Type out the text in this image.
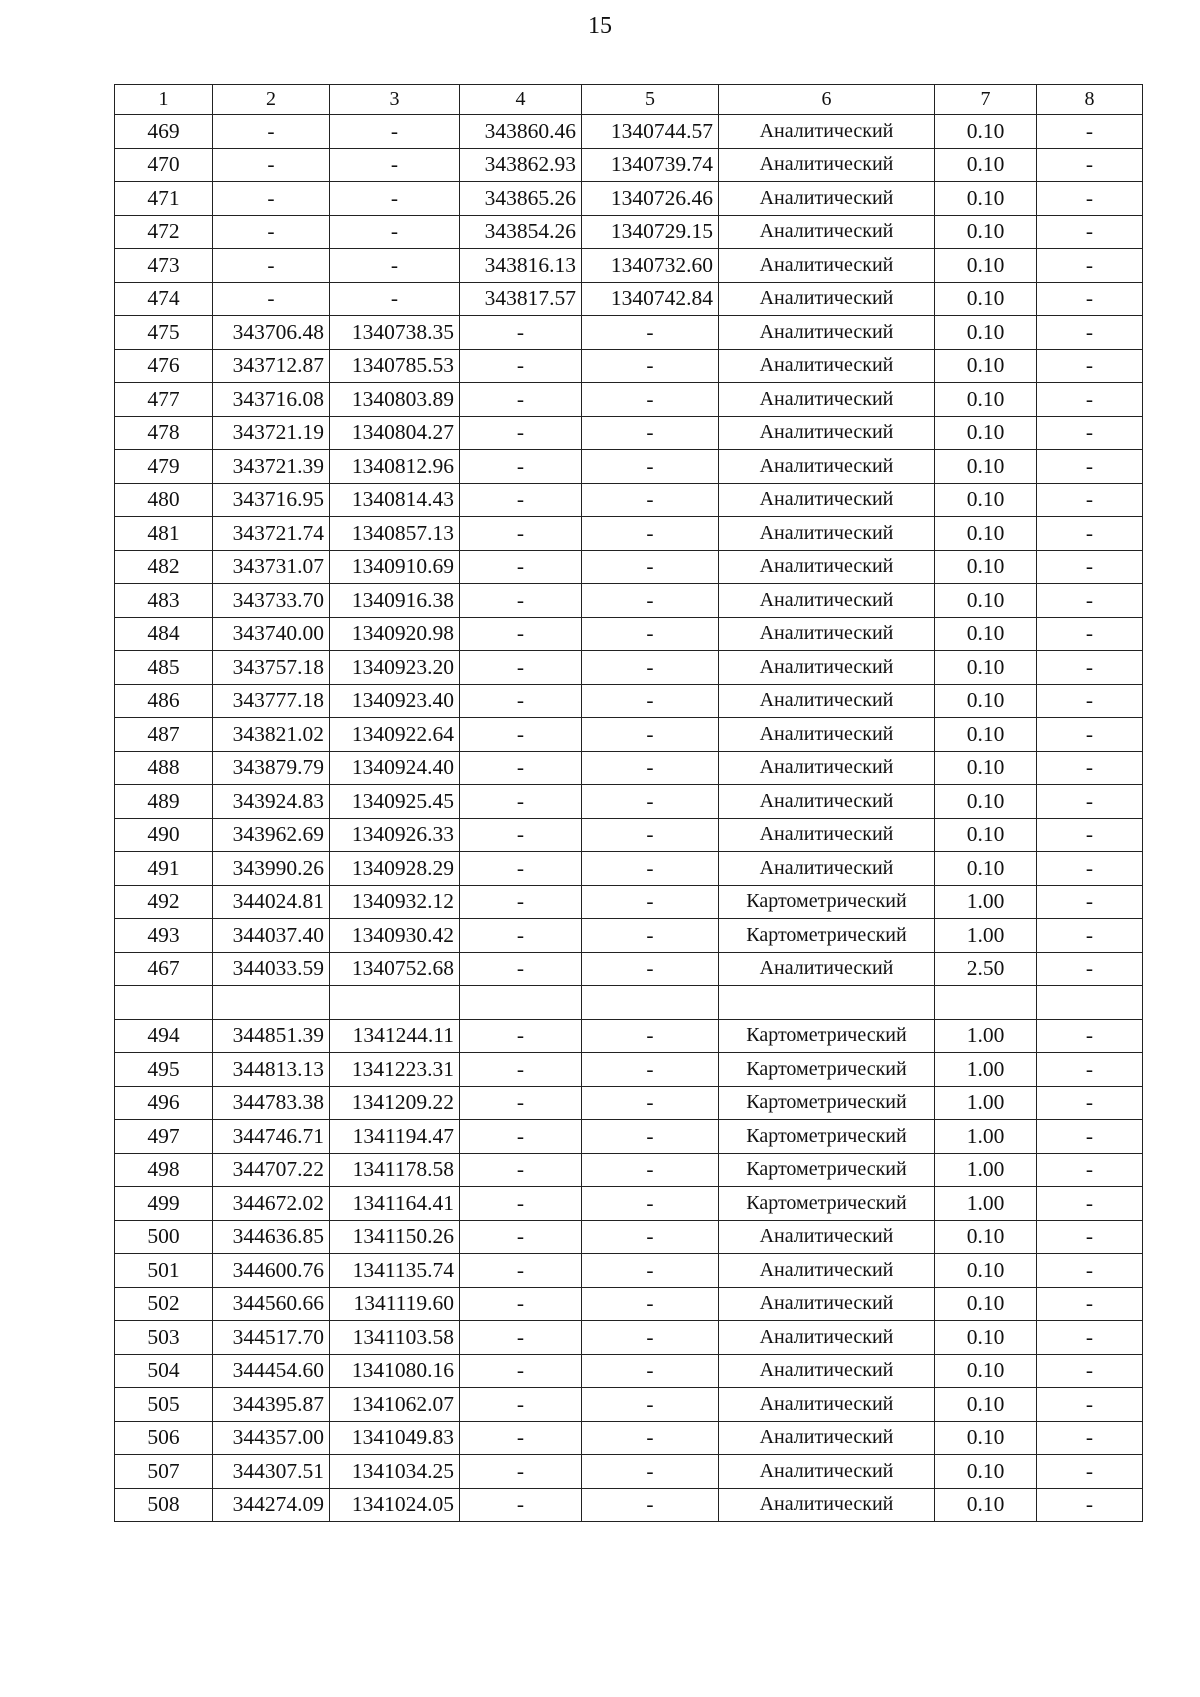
15
1	2	3	4	5	6	7	8
469	-	-	343860.46	1340744.57	Аналитический	0.10	-
470	-	-	343862.93	1340739.74	Аналитический	0.10	-
471	-	-	343865.26	1340726.46	Аналитический	0.10	-
472	-	-	343854.26	1340729.15	Аналитический	0.10	-
473	-	-	343816.13	1340732.60	Аналитический	0.10	-
474	-	-	343817.57	1340742.84	Аналитический	0.10	-
475	343706.48	1340738.35	-	-	Аналитический	0.10	-
476	343712.87	1340785.53	-	-	Аналитический	0.10	-
477	343716.08	1340803.89	-	-	Аналитический	0.10	-
478	343721.19	1340804.27	-	-	Аналитический	0.10	-
479	343721.39	1340812.96	-	-	Аналитический	0.10	-
480	343716.95	1340814.43	-	-	Аналитический	0.10	-
481	343721.74	1340857.13	-	-	Аналитический	0.10	-
482	343731.07	1340910.69	-	-	Аналитический	0.10	-
483	343733.70	1340916.38	-	-	Аналитический	0.10	-
484	343740.00	1340920.98	-	-	Аналитический	0.10	-
485	343757.18	1340923.20	-	-	Аналитический	0.10	-
486	343777.18	1340923.40	-	-	Аналитический	0.10	-
487	343821.02	1340922.64	-	-	Аналитический	0.10	-
488	343879.79	1340924.40	-	-	Аналитический	0.10	-
489	343924.83	1340925.45	-	-	Аналитический	0.10	-
490	343962.69	1340926.33	-	-	Аналитический	0.10	-
491	343990.26	1340928.29	-	-	Аналитический	0.10	-
492	344024.81	1340932.12	-	-	Картометрический	1.00	-
493	344037.40	1340930.42	-	-	Картометрический	1.00	-
467	344033.59	1340752.68	-	-	Аналитический	2.50	-

494	344851.39	1341244.11	-	-	Картометрический	1.00	-
495	344813.13	1341223.31	-	-	Картометрический	1.00	-
496	344783.38	1341209.22	-	-	Картометрический	1.00	-
497	344746.71	1341194.47	-	-	Картометрический	1.00	-
498	344707.22	1341178.58	-	-	Картометрический	1.00	-
499	344672.02	1341164.41	-	-	Картометрический	1.00	-
500	344636.85	1341150.26	-	-	Аналитический	0.10	-
501	344600.76	1341135.74	-	-	Аналитический	0.10	-
502	344560.66	1341119.60	-	-	Аналитический	0.10	-
503	344517.70	1341103.58	-	-	Аналитический	0.10	-
504	344454.60	1341080.16	-	-	Аналитический	0.10	-
505	344395.87	1341062.07	-	-	Аналитический	0.10	-
506	344357.00	1341049.83	-	-	Аналитический	0.10	-
507	344307.51	1341034.25	-	-	Аналитический	0.10	-
508	344274.09	1341024.05	-	-	Аналитический	0.10	-
